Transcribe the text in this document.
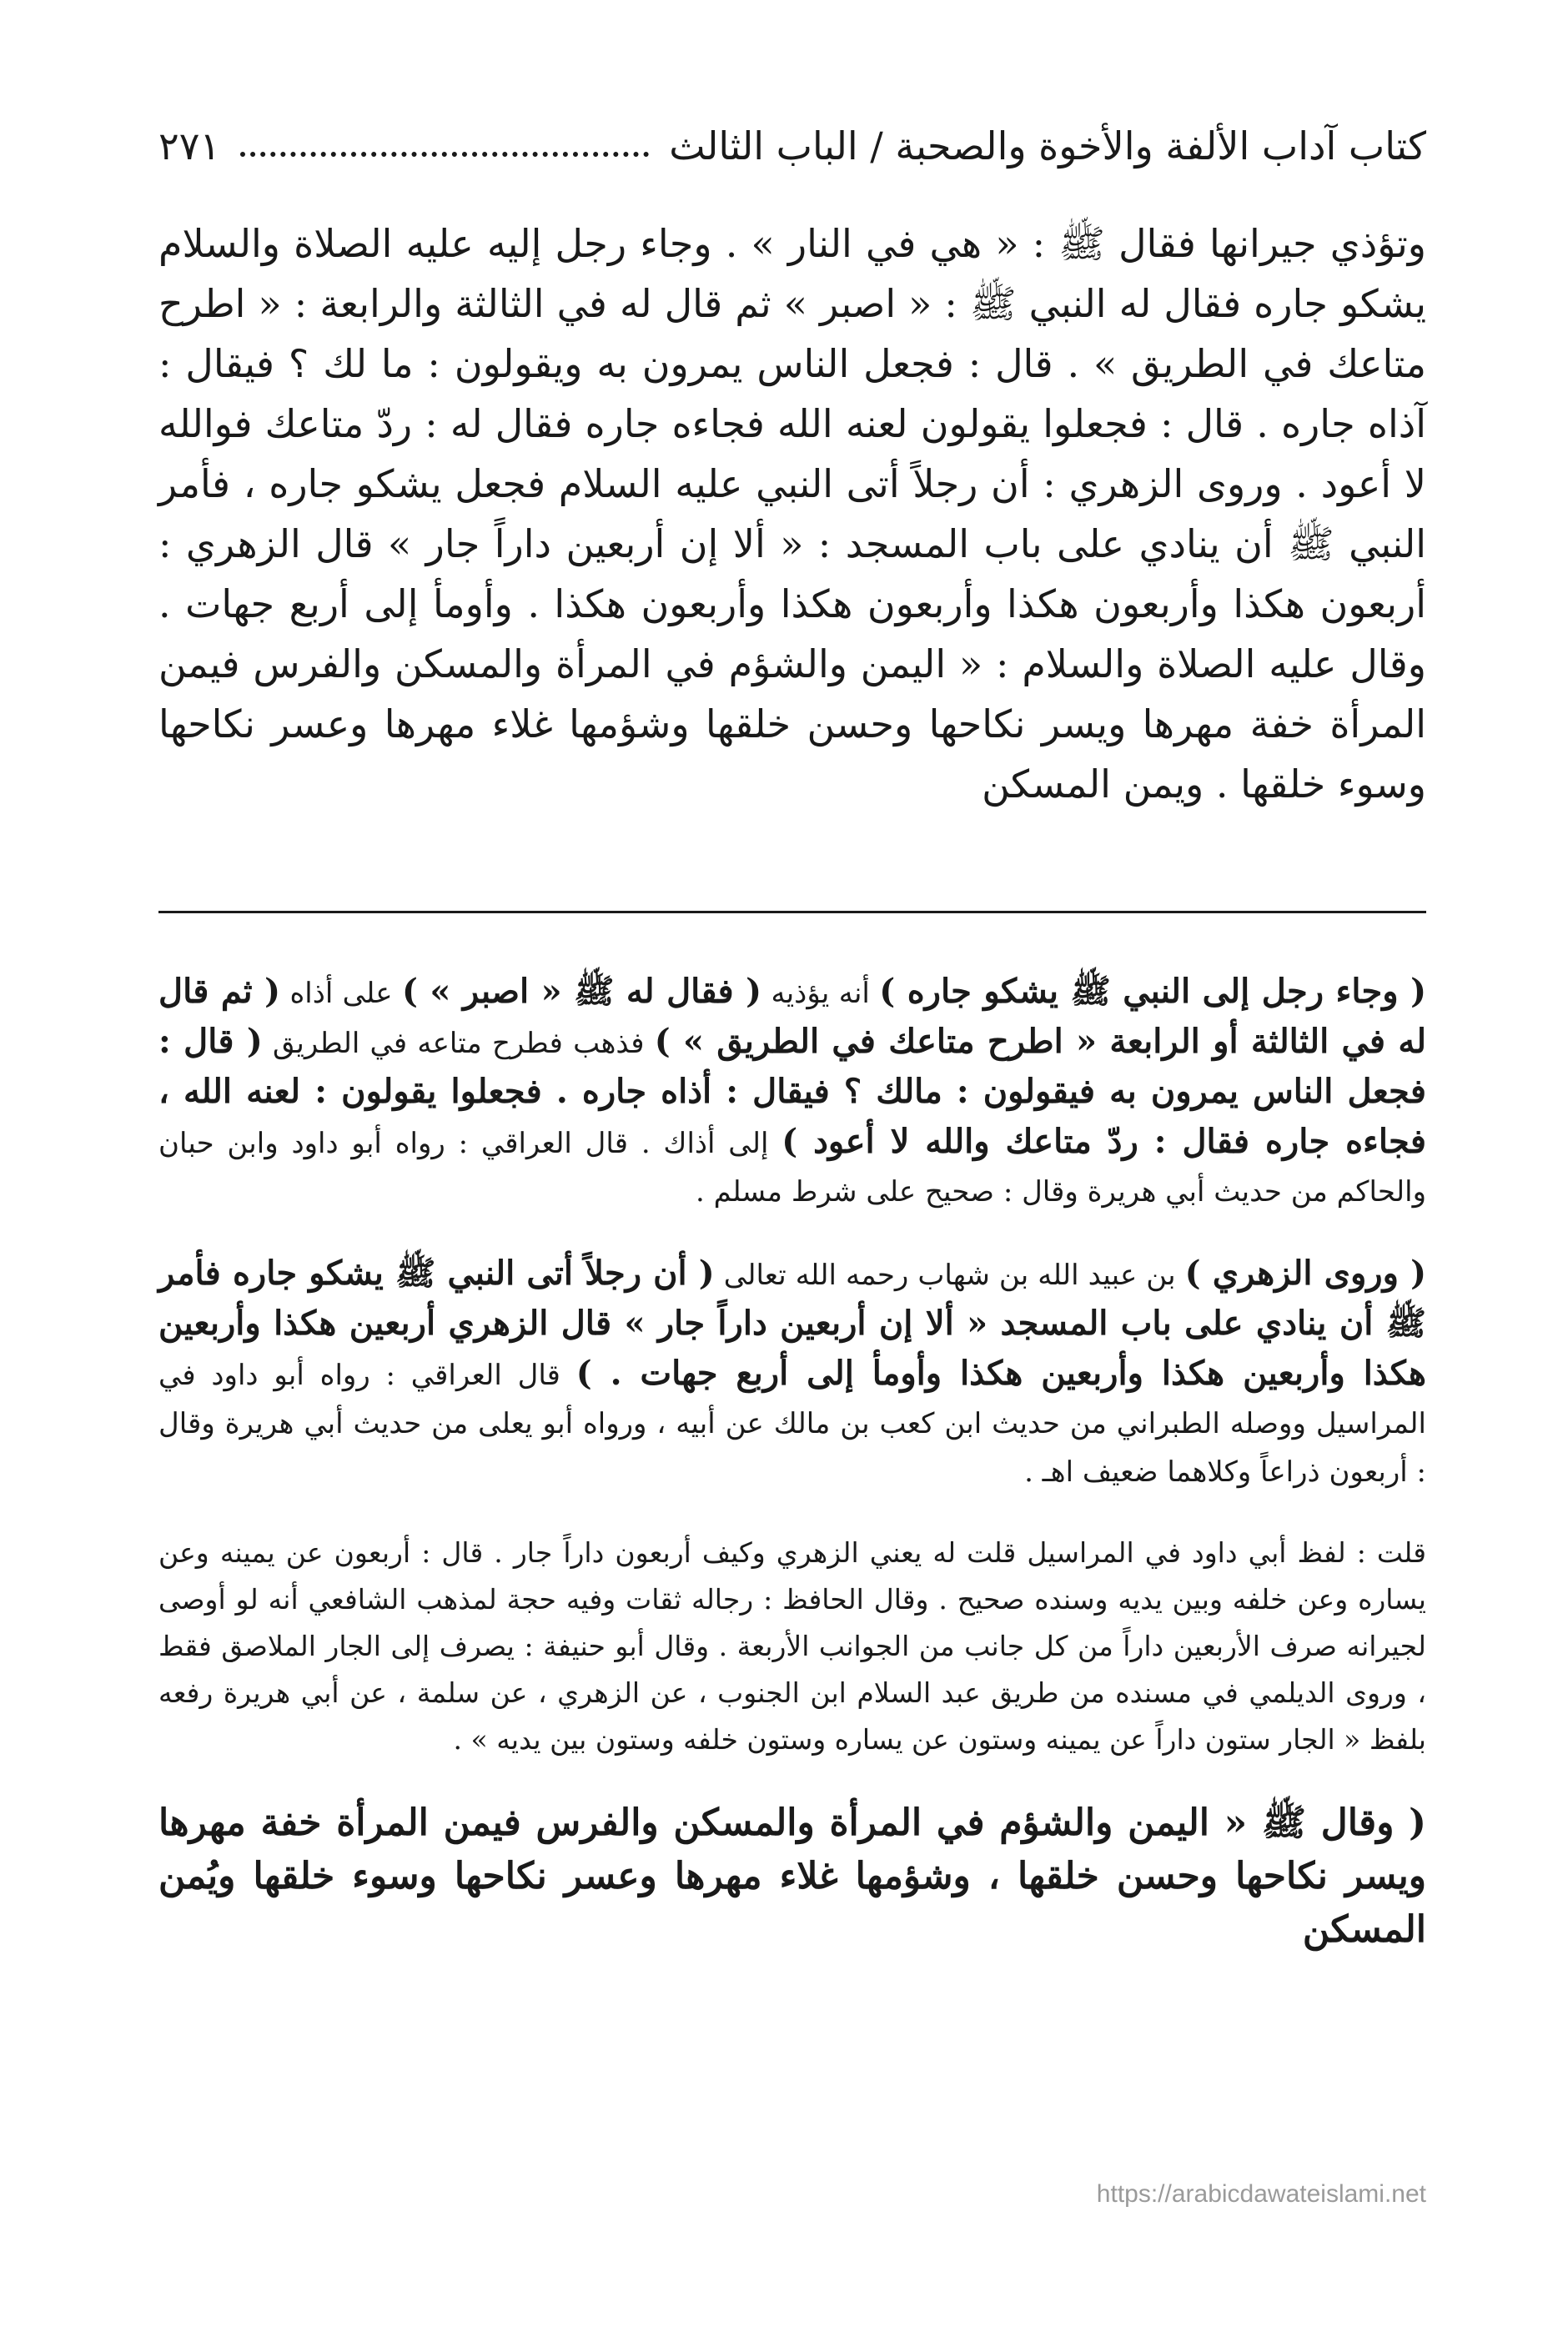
كتاب آداب الألفة والأخوة والصحبة / الباب الثالث
٢٧١

وتؤذي جيرانها فقال ﷺ : « هي في النار » . وجاء رجل إليه عليه الصلاة والسلام يشكو جاره فقال له النبي ﷺ : « اصبر » ثم قال له في الثالثة والرابعة : « اطرح متاعك في الطريق » . قال : فجعل الناس يمرون به ويقولون : ما لك ؟ فيقال : آذاه جاره . قال : فجعلوا يقولون لعنه الله فجاءه جاره فقال له : ردّ متاعك فوالله لا أعود . وروى الزهري : أن رجلاً أتى النبي عليه السلام فجعل يشكو جاره ، فأمر النبي ﷺ أن ينادي على باب المسجد : « ألا إن أربعين داراً جار » قال الزهري : أربعون هكذا وأربعون هكذا وأربعون هكذا وأربعون هكذا . وأومأ إلى أربع جهات . وقال عليه الصلاة والسلام : « اليمن والشؤم في المرأة والمسكن والفرس فيمن المرأة خفة مهرها ويسر نكاحها وحسن خلقها وشؤمها غلاء مهرها وعسر نكاحها وسوء خلقها . ويمن المسكن

( وجاء رجل إلى النبي ﷺ يشكو جاره ) أنه يؤذيه ( فقال له ﷺ « اصبر » ) على أذاه ( ثم قال له في الثالثة أو الرابعة « اطرح متاعك في الطريق » ) فذهب فطرح متاعه في الطريق ( قال : فجعل الناس يمرون به فيقولون : مالك ؟ فيقال : أذاه جاره . فجعلوا يقولون : لعنه الله ، فجاءه جاره فقال : ردّ متاعك والله لا أعود ) إلى أذاك . قال العراقي : رواه أبو داود وابن حبان والحاكم من حديث أبي هريرة وقال : صحيح على شرط مسلم .

( وروى الزهري ) بن عبيد الله بن شهاب رحمه الله تعالى ( أن رجلاً أتى النبي ﷺ يشكو جاره فأمر ﷺ أن ينادي على باب المسجد « ألا إن أربعين داراً جار » قال الزهري أربعين هكذا وأربعين هكذا وأربعين هكذا وأربعين هكذا وأومأ إلى أربع جهات . ) قال العراقي : رواه أبو داود في المراسيل ووصله الطبراني من حديث ابن كعب بن مالك عن أبيه ، ورواه أبو يعلى من حديث أبي هريرة وقال : أربعون ذراعاً وكلاهما ضعيف اهـ .

قلت : لفظ أبي داود في المراسيل قلت له يعني الزهري وكيف أربعون داراً جار . قال : أربعون عن يمينه وعن يساره وعن خلفه وبين يديه وسنده صحيح . وقال الحافظ : رجاله ثقات وفيه حجة لمذهب الشافعي أنه لو أوصى لجيرانه صرف الأربعين داراً من كل جانب من الجوانب الأربعة . وقال أبو حنيفة : يصرف إلى الجار الملاصق فقط ، وروى الديلمي في مسنده من طريق عبد السلام ابن الجنوب ، عن الزهري ، عن سلمة ، عن أبي هريرة رفعه بلفظ « الجار ستون داراً عن يمينه وستون عن يساره وستون خلفه وستون بين يديه » .

( وقال ﷺ « اليمن والشؤم في المرأة والمسكن والفرس فيمن المرأة خفة مهرها ويسر نكاحها وحسن خلقها ، وشؤمها غلاء مهرها وعسر نكاحها وسوء خلقها ويُمن المسكن

https://arabicdawateislami.net
